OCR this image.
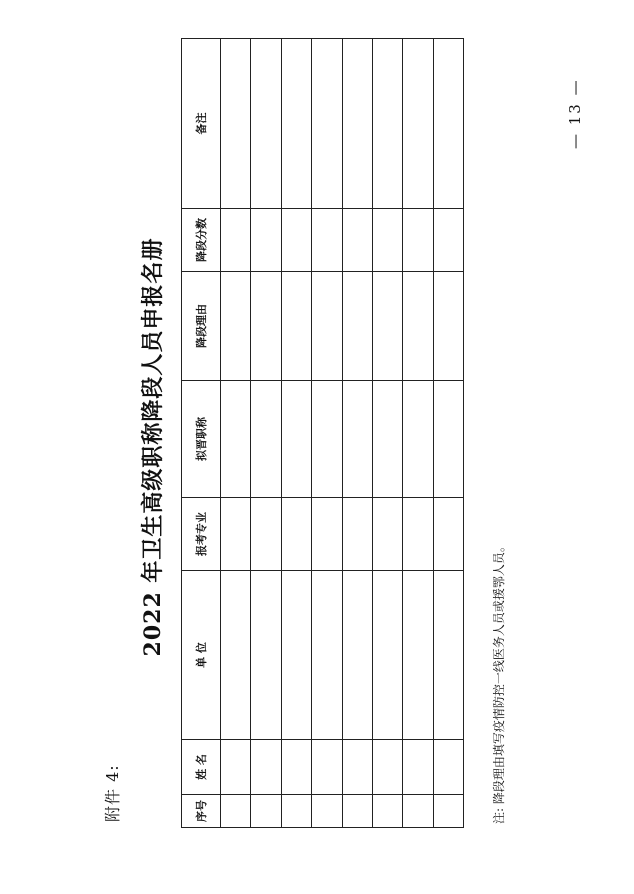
附件 4:
2022 年卫生高级职称降段人员申报名册
序号	姓 名	单 位	报考专业	拟晋职称	降段理由	降段分数	备注

注: 降段理由填写疫情防控一线医务人员或援鄂人员。
— 13 —
